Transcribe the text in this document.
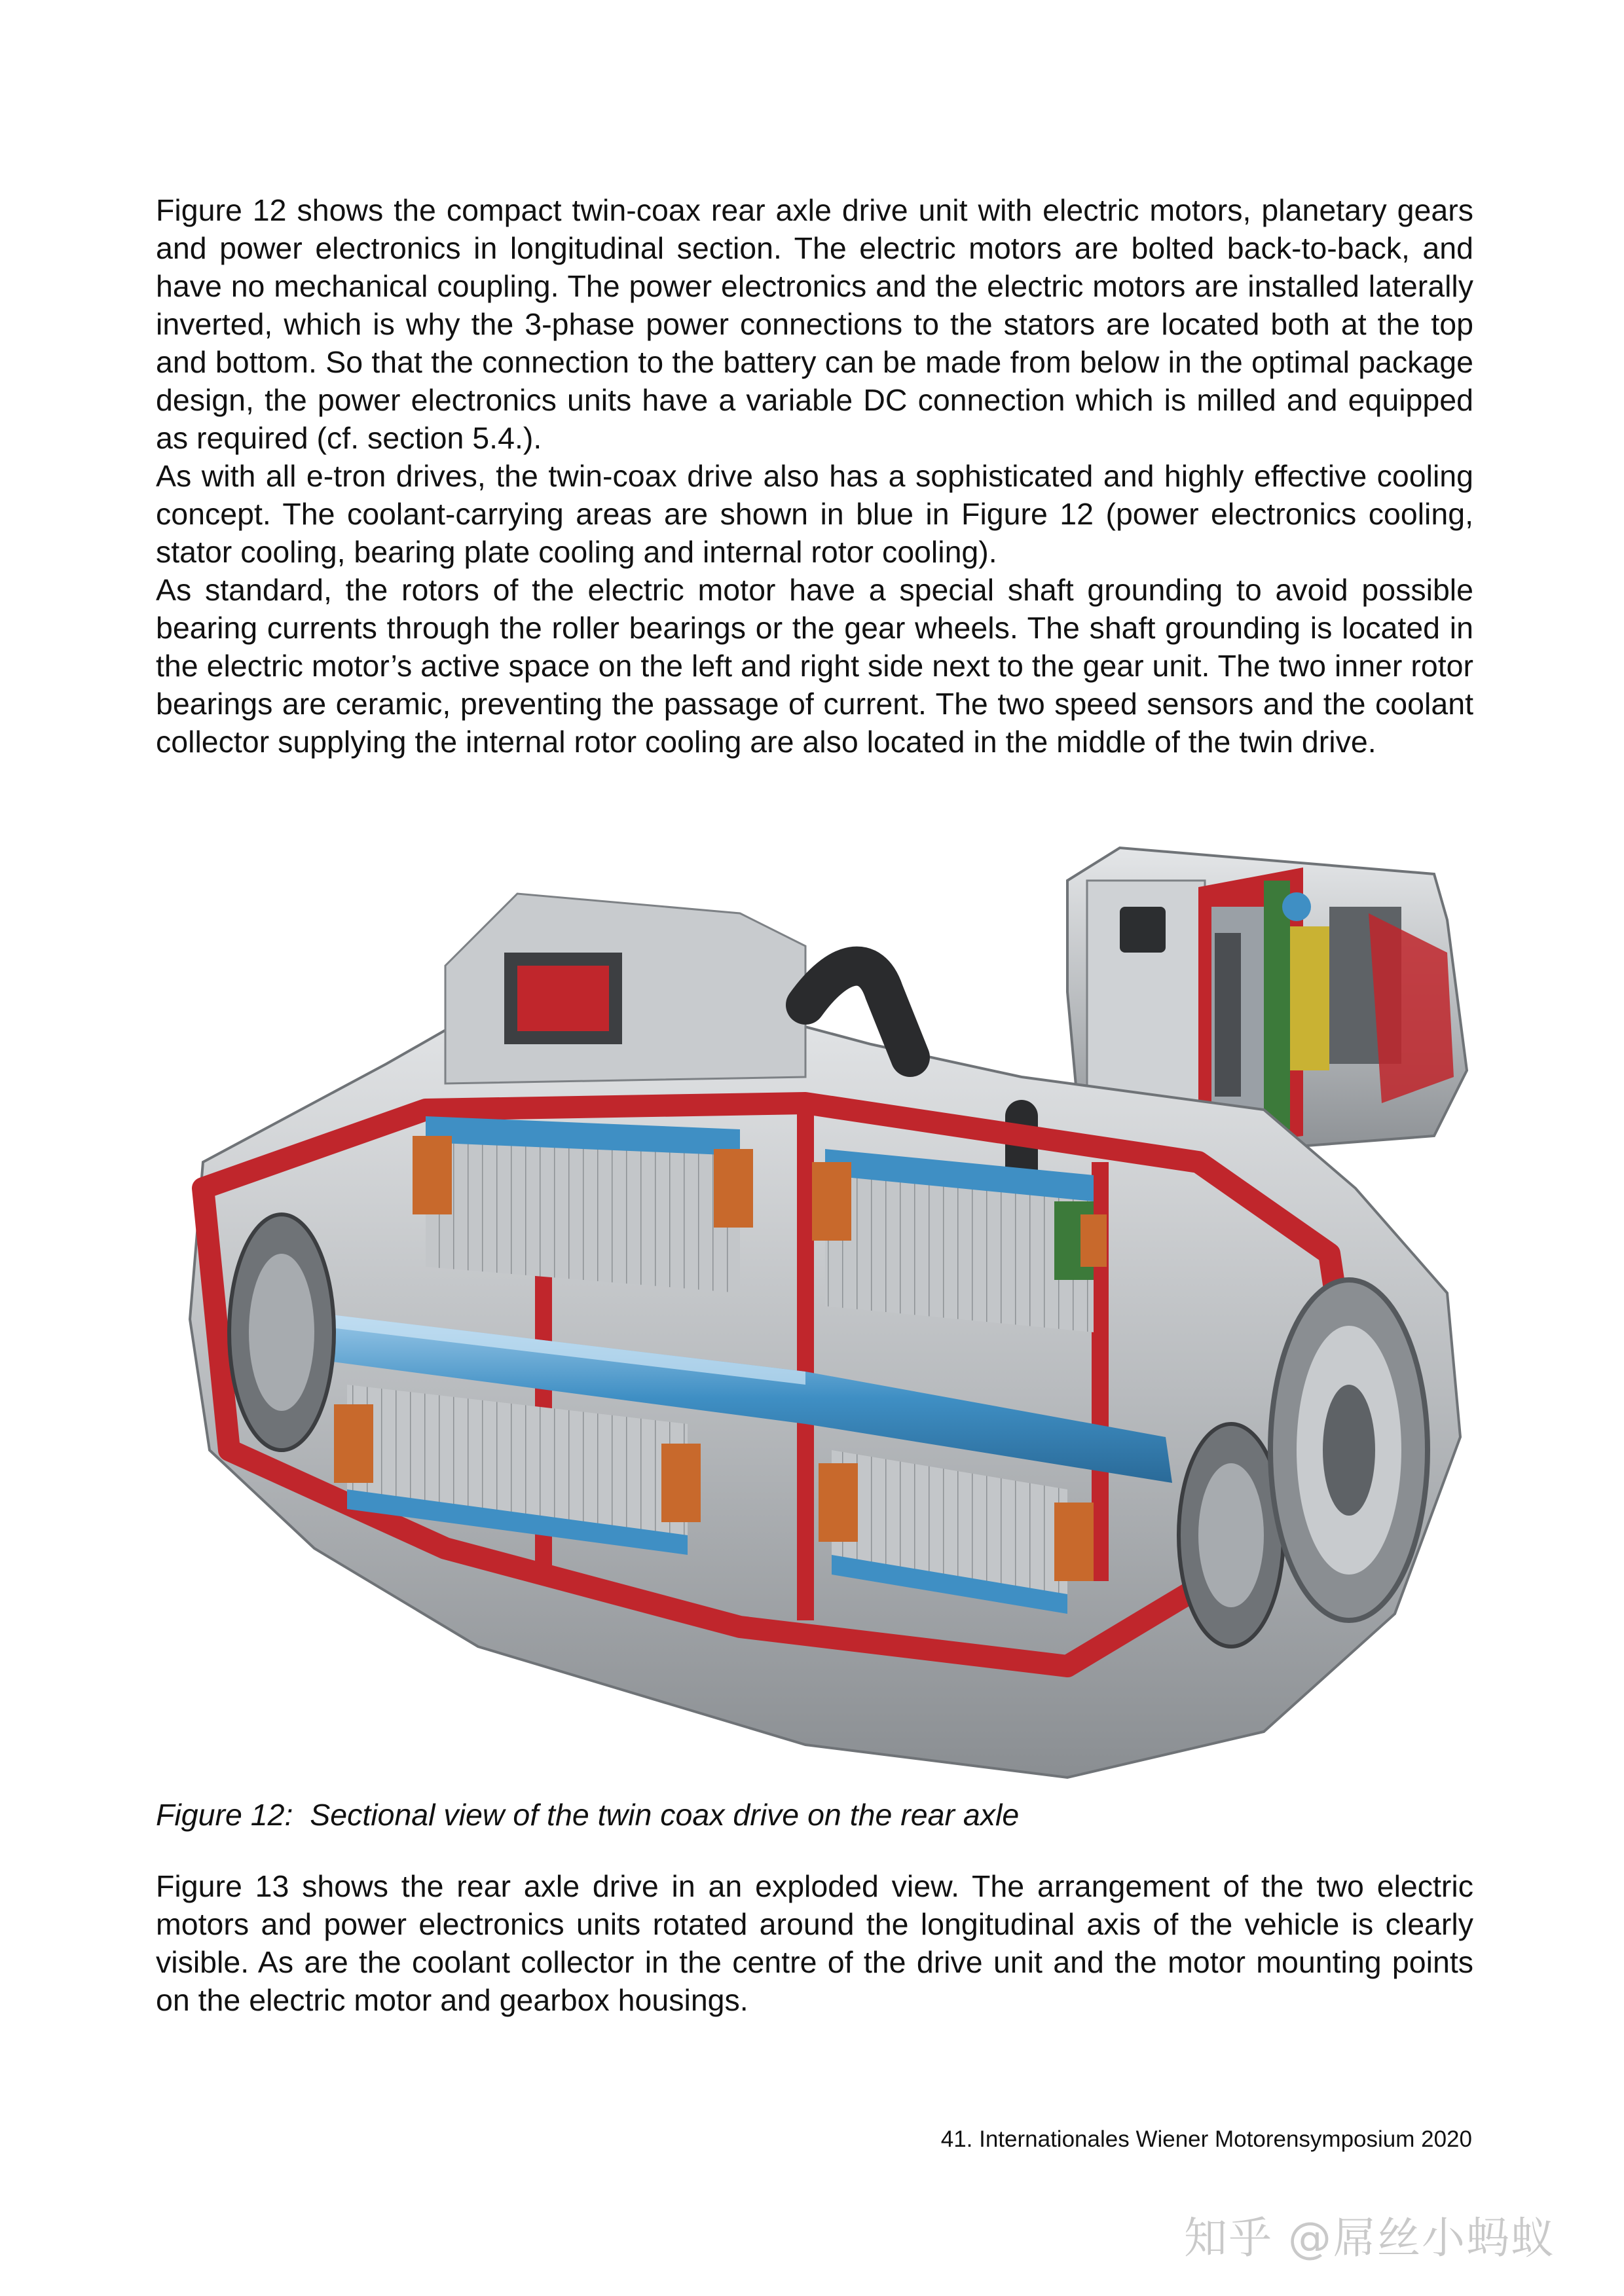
Figure 12 shows the compact twin-coax rear axle drive unit with electric motors, planetary gears and power electronics in longitudinal section. The electric motors are bolted back-to-back, and have no mechanical coupling. The power electronics and the electric motors are installed laterally inverted, which is why the 3-phase power connections to the stators are located both at the top and bottom. So that the connection to the battery can be made from below in the optimal package design, the power electronics units have a variable DC connection which is milled and equipped as required (cf. section 5.4.).

As with all e-tron drives, the twin-coax drive also has a sophisticated and highly effective cooling concept. The coolant-carrying areas are shown in blue in Figure 12 (power electronics cooling, stator cooling, bearing plate cooling and internal rotor cooling).

As standard, the rotors of the electric motor have a special shaft grounding to avoid possible bearing currents through the roller bearings or the gear wheels. The shaft grounding is located in the electric motor’s active space on the left and right side next to the gear unit. The two inner rotor bearings are ceramic, preventing the passage of current. The two speed sensors and the coolant collector supplying the internal rotor cooling are also located in the middle of the twin drive.

Figure 12:  Sectional view of the twin coax drive on the rear axle

Figure 13 shows the rear axle drive in an exploded view. The arrangement of the two electric motors and power electronics units rotated around the longitudinal axis of the vehicle is clearly visible. As are the coolant collector in the centre of the drive unit and the motor mounting points on the electric motor and gearbox housings.

41. Internationales Wiener Motorensymposium 2020
知乎 @屌丝小蚂蚁
